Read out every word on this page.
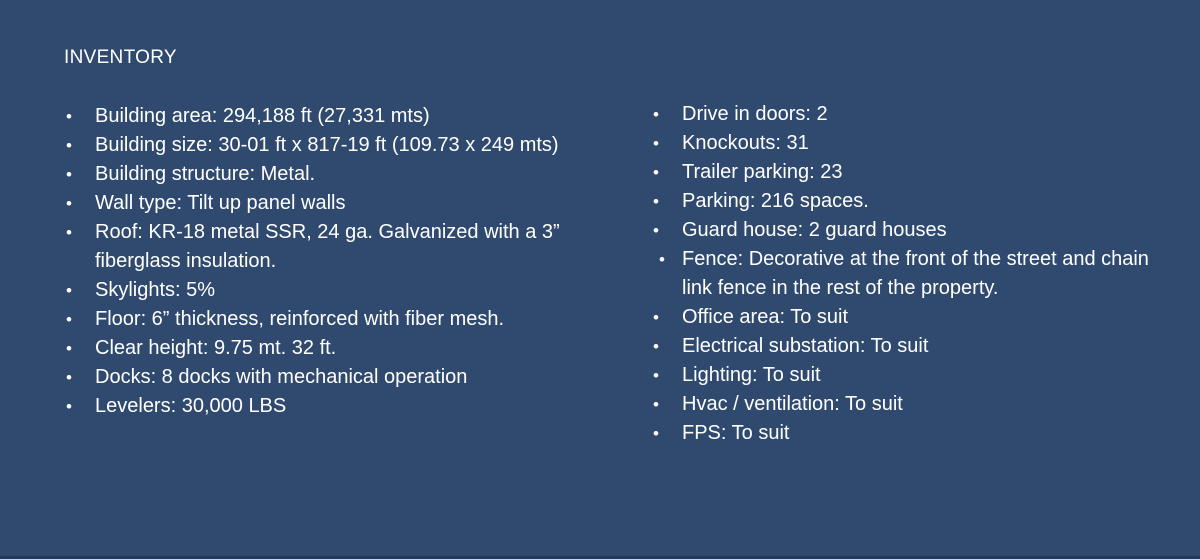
INVENTORY
• Building area: 294,188 ft (27,331 mts)
• Building size: 30-01 ft x 817-19 ft (109.73 x 249 mts)
• Building structure: Metal.
• Wall type: Tilt up panel walls
• Roof: KR-18 metal SSR, 24 ga. Galvanized with a 3” fiberglass insulation.
• Skylights: 5%
• Floor: 6” thickness, reinforced with fiber mesh.
• Clear height: 9.75 mt. 32 ft.
• Docks: 8 docks with mechanical operation
• Levelers: 30,000 LBS
• Drive in doors: 2
• Knockouts: 31
• Trailer parking: 23
• Parking: 216 spaces.
• Guard house: 2 guard houses
• Fence: Decorative at the front of the street and chain link fence in the rest of the property.
• Office area: To suit
• Electrical substation: To suit
• Lighting: To suit
• Hvac / ventilation: To suit
• FPS: To suit
